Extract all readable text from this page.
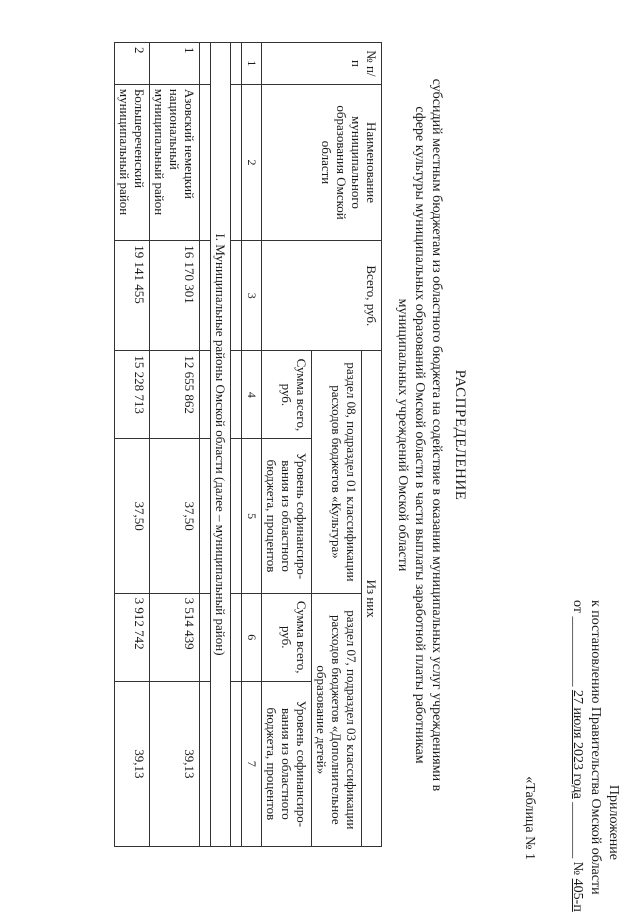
Приложение
к постановлению Правительства Омской области
от __________ 27 июля 2023 года ________ № 405-п
«Таблица № 1
РАСПРЕДЕЛЕНИЕ
субсидий местным бюджетам из областного бюджета на содействие в оказании муниципальных услуг учреждениями в
сфере культуры муниципальных образований Омской области в части выплаты заработной платы работникам
муниципальных учреждений Омской области
№ п/п	Наименование муниципального образования Омской области	Всего, руб.	Из них			
			раздел 08, подраздел 01 классификации расходов бюджетов «Культура»		раздел 07, подраздел 03 классификации расходов бюджетов «Дополнительное образование детей»	
			Сумма всего, руб.	Уровень софинансиро-вания из областного бюджета, процентов	Сумма всего, руб.	Уровень софинансиро-вания из областного бюджета, процентов
1	2	3	4	5	6	7

I. Муниципальные районы Омской области (далее – муниципальный район)						

1	Азовский немецкий национальный муниципальный район	16 170 301	12 655 862	37,50	3 514 439	39,13
2	Большереченский муниципальный район	19 141 455	15 228 713	37,50	3 912 742	39,13
